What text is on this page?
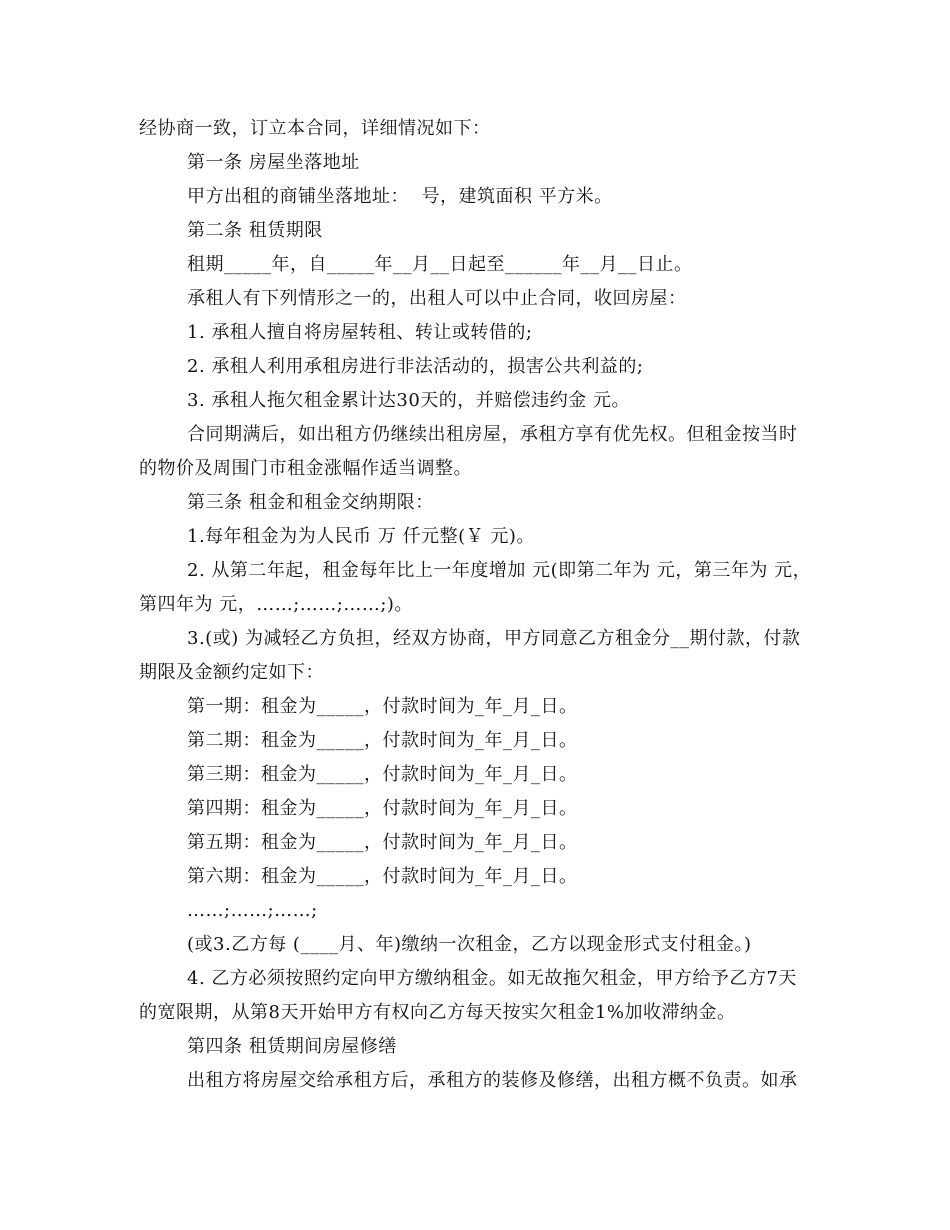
经协商一致，订立本合同，详细情况如下：
第一条 房屋坐落地址
甲方出租的商铺坐落地址：  号，建筑面积 平方米。
第二条 租赁期限
租期_____年，自_____年__月__日起至______年__月__日止。
承租人有下列情形之一的，出租人可以中止合同，收回房屋：
1. 承租人擅自将房屋转租、转让或转借的;
2. 承租人利用承租房进行非法活动的，损害公共利益的;
3. 承租人拖欠租金累计达30天的，并赔偿违约金 元。
合同期满后，如出租方仍继续出租房屋，承租方享有优先权。但租金按当时
的物价及周围门市租金涨幅作适当调整。
第三条 租金和租金交纳期限：
1.每年租金为为人民币 万 仟元整(￥ 元)。
2. 从第二年起，租金每年比上一年度增加 元(即第二年为 元，第三年为 元，
第四年为 元，……;……;……;)。
3.(或) 为减轻乙方负担，经双方协商，甲方同意乙方租金分__期付款，付款
期限及金额约定如下：
第一期：租金为_____，付款时间为_年_月_日。
第二期：租金为_____，付款时间为_年_月_日。
第三期：租金为_____，付款时间为_年_月_日。
第四期：租金为_____，付款时间为_年_月_日。
第五期：租金为_____，付款时间为_年_月_日。
第六期：租金为_____，付款时间为_年_月_日。
……;……;……;
(或3.乙方每 (____月、年)缴纳一次租金，乙方以现金形式支付租金。)
4. 乙方必须按照约定向甲方缴纳租金。如无故拖欠租金，甲方给予乙方7天
的宽限期，从第8天开始甲方有权向乙方每天按实欠租金1%加收滞纳金。
第四条 租赁期间房屋修缮
出租方将房屋交给承租方后，承租方的装修及修缮，出租方概不负责。如承
